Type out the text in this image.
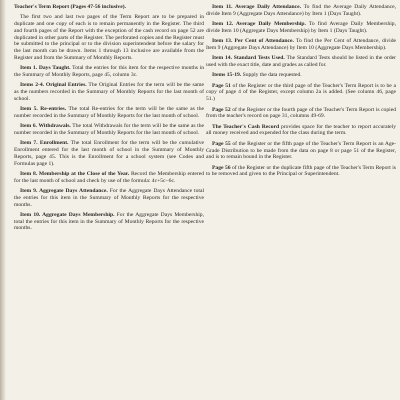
Teacher's Term Report (Pages 47-56 inclusive).

The first two and last two pages of the Term Report are to be prepared in duplicate and one copy of each is to remain permanently in the Register. The third and fourth pages of the Report with the exception of the cash record on page 52 are duplicated in other parts of the Register. The perforated copies and the Register must be submitted to the principal or to the division superintendent before the salary for the last month can be drawn. Items 1 through 13 inclusive are available from the Register and from the Summary of Monthly Reports.

Item 1. Days Taught. Total the entries for this item for the respective months in the Summary of Monthly Reports, page 45, column 3c.

Items 2-4. Original Entries. The Original Entries for the term will be the same as the numbers recorded in the Summary of Monthly Reports for the last month of school.

Item 5. Re-entries. The total Re-entries for the term will be the same as the number recorded in the Summary of Monthly Reports for the last month of school.

Item 6. Withdrawals. The total Withdrawals for the term will be the same as the number recorded in the Summary of Monthly Reports for the last month of school.

Item 7. Enrollment. The total Enrollment for the term will be the cumulative Enrollment entered for the last month of school in the Summary of Monthly Reports, page 45. This is the Enrollment for a school system (see Codes and Formulas page 1).

Item 8. Membership at the Close of the Year. Record the Membership entered for the last month of school and check by use of the formula: 4c+5c−6c.

Item 9. Aggregate Days Attendance. For the Aggregate Days Attendance total the entries for this item in the Summary of Monthly Reports for the respective months.

Item 10. Aggregate Days Membership. For the Aggregate Days Membership, total the entries for this item in the Summary of Monthly Reports for the respective months.

Item 11. Average Daily Attendance. To find the Average Daily Attendance, divide Item 9 (Aggregate Days Attendance) by Item 1 (Days Taught).

Item 12. Average Daily Membership. To find Average Daily Membership, divide Item 10 (Aggregate Days Membership) by Item 1 (Days Taught).

Item 13. Per Cent of Attendance. To find the Per Cent of Attendance, divide Item 9 (Aggregate Days Attendance) by Item 10 (Aggregate Days Membership).

Item 14. Standard Tests Used. The Standard Tests should be listed in the order used with the exact title, date and grades as called for.

Items 15-19. Supply the data requested.

Page 51 of the Register or the third page of the Teacher's Term Report is to be a copy of page 4 of the Register, except column 2a is added. (See column 46, page 51.)

Page 52 of the Register or the fourth page of the Teacher's Term Report is copied from the teacher's record on page 31, columns 49-69.

The Teacher's Cash Record provides space for the teacher to report accurately all money received and expended for the class during the term.

Page 55 of the Register or the fifth page of the Teacher's Term Report is an Age-Grade Distribution to be made from the data on page 8 or page 51 of the Register, and is to remain bound in the Register.

Page 56 of the Register or the duplicate fifth page of the Teacher's Term Report is to be removed and given to the Principal or Superintendent.
